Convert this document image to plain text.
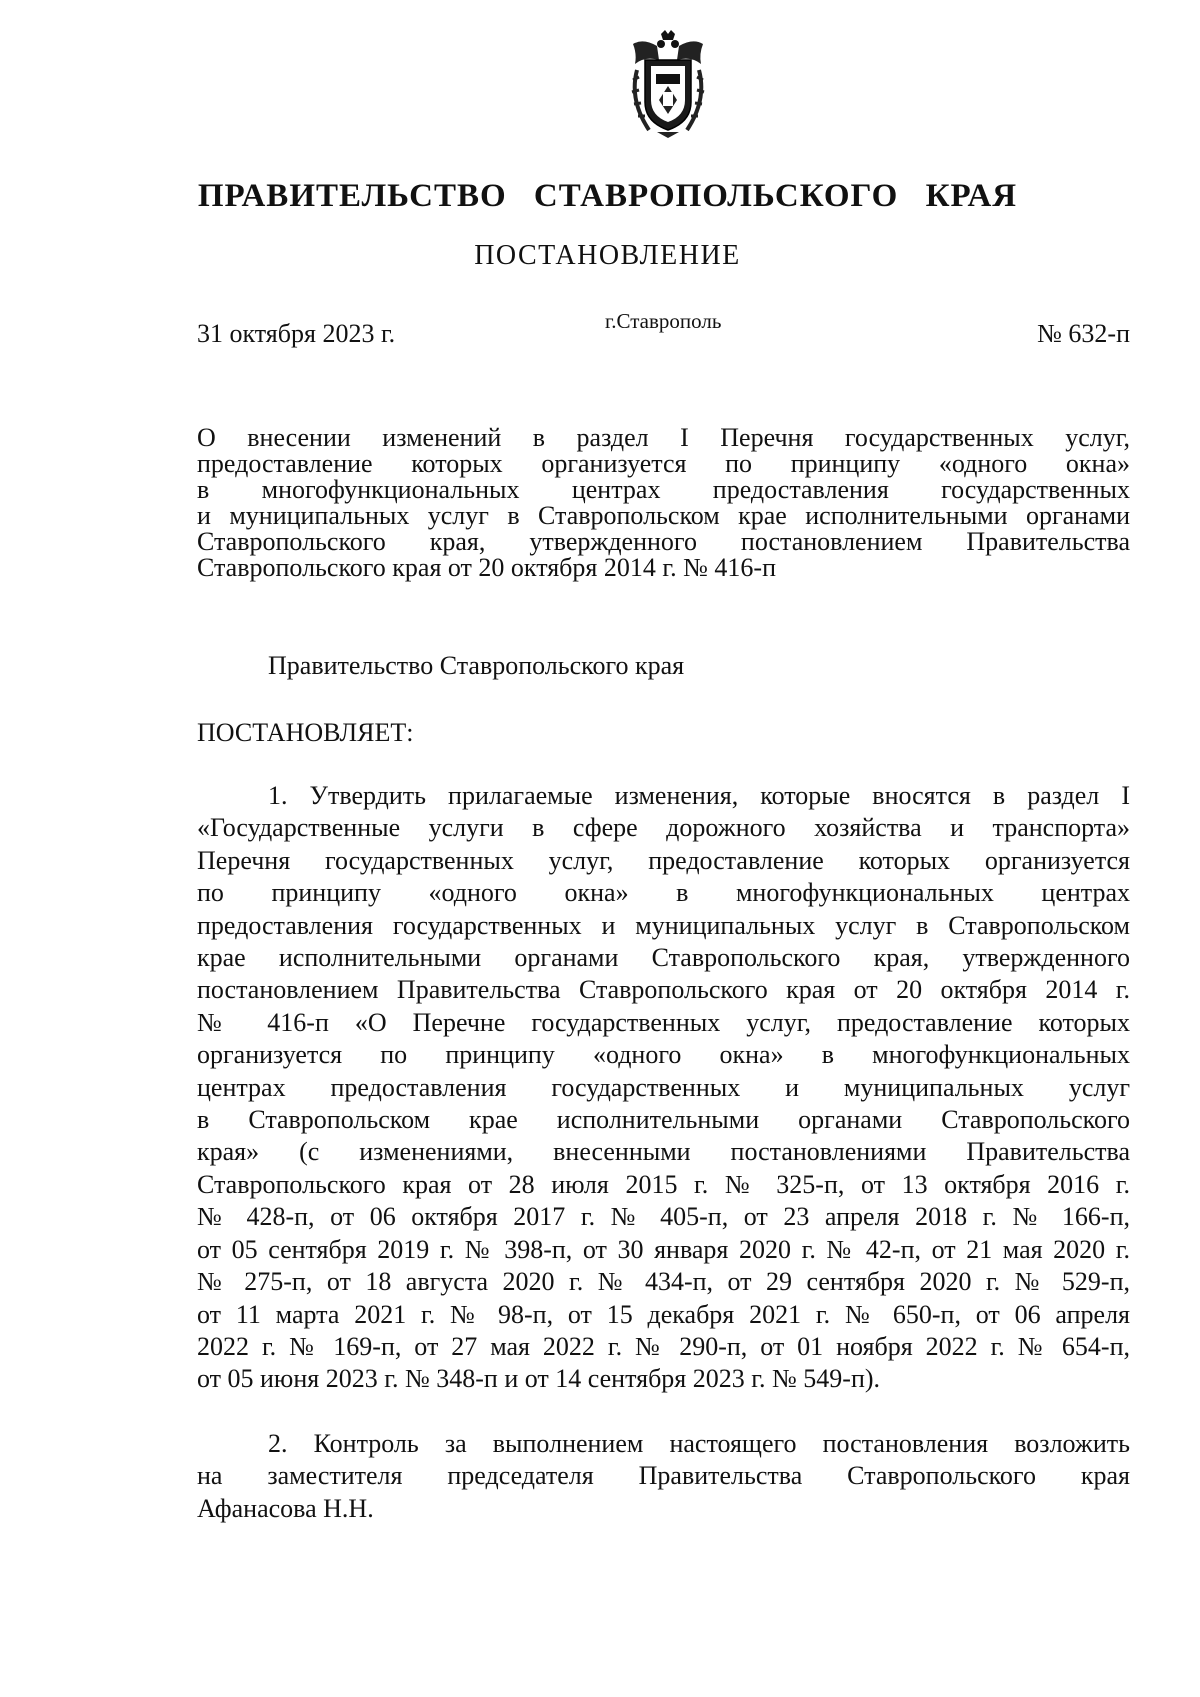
ПРАВИТЕЛЬСТВО СТАВРОПОЛЬСКОГО КРАЯ
ПОСТАНОВЛЕНИЕ
31 октября 2023 г.	г.Ставрополь	№ 632-п
О внесении изменений в раздел I Перечня государственных услуг,
предоставление которых организуется по принципу «одного окна»
в многофункциональных центрах предоставления государственных
и муниципальных услуг в Ставропольском крае исполнительными органами
Ставропольского края, утвержденного постановлением Правительства
Ставропольского края от 20 октября 2014 г. № 416-п
Правительство Ставропольского края
ПОСТАНОВЛЯЕТ:
1. Утвердить прилагаемые изменения, которые вносятся в раздел I
«Государственные услуги в сфере дорожного хозяйства и транспорта»
Перечня государственных услуг, предоставление которых организуется
по принципу «одного окна» в многофункциональных центрах
предоставления государственных и муниципальных услуг в Ставропольском
крае исполнительными органами Ставропольского края, утвержденного
постановлением Правительства Ставропольского края от 20 октября 2014 г.
№ 416-п «О Перечне государственных услуг, предоставление которых
организуется по принципу «одного окна» в многофункциональных
центрах предоставления государственных и муниципальных услуг
в Ставропольском крае исполнительными органами Ставропольского
края» (с изменениями, внесенными постановлениями Правительства
Ставропольского края от 28 июля 2015 г. № 325-п, от 13 октября 2016 г.
№ 428-п, от 06 октября 2017 г. № 405-п, от 23 апреля 2018 г. № 166-п,
от 05 сентября 2019 г. № 398-п, от 30 января 2020 г. № 42-п, от 21 мая 2020 г.
№ 275-п, от 18 августа 2020 г. № 434-п, от 29 сентября 2020 г. № 529-п,
от 11 марта 2021 г. № 98-п, от 15 декабря 2021 г. № 650-п, от 06 апреля
2022 г. № 169-п, от 27 мая 2022 г. № 290-п, от 01 ноября 2022 г. № 654-п,
от 05 июня 2023 г. № 348-п и от 14 сентября 2023 г. № 549-п).
2. Контроль за выполнением настоящего постановления возложить
на заместителя председателя Правительства Ставропольского края
Афанасова Н.Н.
